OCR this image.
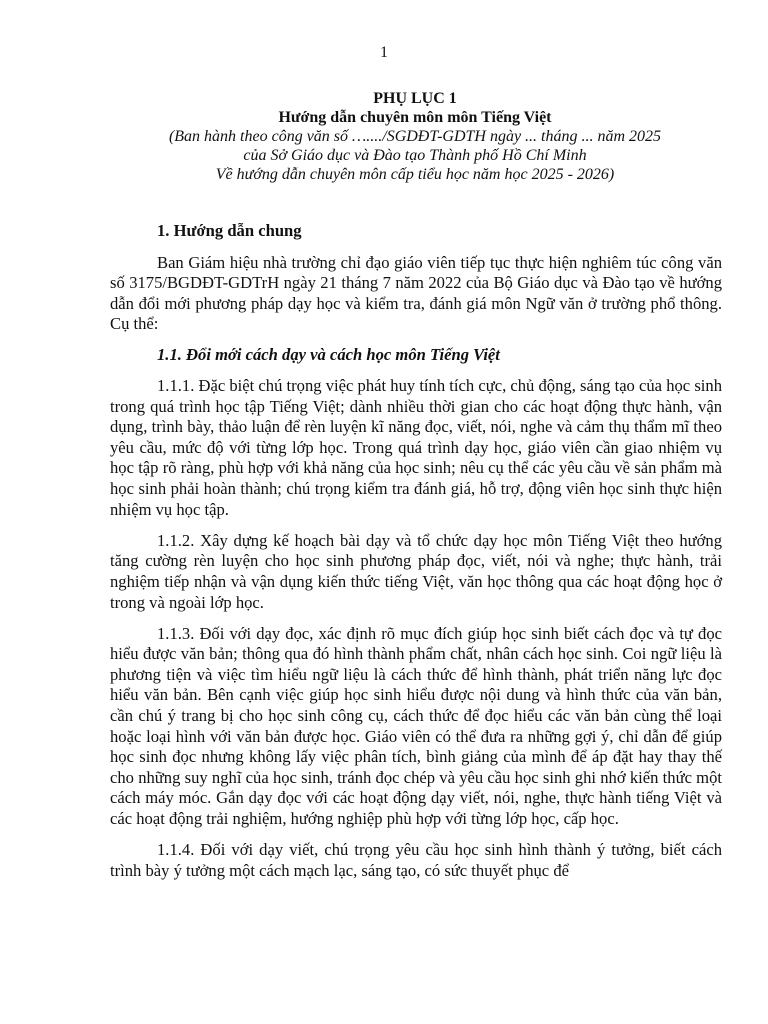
1
PHỤ LỤC 1
Hướng dẫn chuyên môn môn Tiếng Việt
(Ban hành theo công văn số …..../SGDĐT-GDTH ngày ... tháng ... năm 2025
của Sở Giáo dục và Đào tạo Thành phố Hồ Chí Minh
Về hướng dẫn chuyên môn cấp tiểu học năm học 2025 - 2026)
1. Hướng dẫn chung

Ban Giám hiệu nhà trường chỉ đạo giáo viên tiếp tục thực hiện nghiêm túc công văn số 3175/BGDĐT-GDTrH ngày 21 tháng 7 năm 2022 của Bộ Giáo dục và Đào tạo về hướng dẫn đổi mới phương pháp dạy học và kiểm tra, đánh giá môn Ngữ văn ở trường phổ thông. Cụ thể:

1.1. Đổi mới cách dạy và cách học môn Tiếng Việt

1.1.1. Đặc biệt chú trọng việc phát huy tính tích cực, chủ động, sáng tạo của học sinh trong quá trình học tập Tiếng Việt; dành nhiều thời gian cho các hoạt động thực hành, vận dụng, trình bày, thảo luận để rèn luyện kĩ năng đọc, viết, nói, nghe và cảm thụ thẩm mĩ theo yêu cầu, mức độ với từng lớp học. Trong quá trình dạy học, giáo viên cần giao nhiệm vụ học tập rõ ràng, phù hợp với khả năng của học sinh; nêu cụ thể các yêu cầu về sản phẩm mà học sinh phải hoàn thành; chú trọng kiểm tra đánh giá, hỗ trợ, động viên học sinh thực hiện nhiệm vụ học tập.

1.1.2. Xây dựng kế hoạch bài dạy và tổ chức dạy học môn Tiếng Việt theo hướng tăng cường rèn luyện cho học sinh phương pháp đọc, viết, nói và nghe; thực hành, trải nghiệm tiếp nhận và vận dụng kiến thức tiếng Việt, văn học thông qua các hoạt động học ở trong và ngoài lớp học.

1.1.3. Đối với dạy đọc, xác định rõ mục đích giúp học sinh biết cách đọc và tự đọc hiểu được văn bản; thông qua đó hình thành phẩm chất, nhân cách học sinh. Coi ngữ liệu là phương tiện và việc tìm hiểu ngữ liệu là cách thức để hình thành, phát triển năng lực đọc hiểu văn bản. Bên cạnh việc giúp học sinh hiểu được nội dung và hình thức của văn bản, cần chú ý trang bị cho học sinh công cụ, cách thức để đọc hiểu các văn bản cùng thể loại hoặc loại hình với văn bản được học. Giáo viên có thể đưa ra những gợi ý, chỉ dẫn để giúp học sinh đọc nhưng không lấy việc phân tích, bình giảng của mình để áp đặt hay thay thế cho những suy nghĩ của học sinh, tránh đọc chép và yêu cầu học sinh ghi nhớ kiến thức một cách máy móc. Gắn dạy đọc với các hoạt động dạy viết, nói, nghe, thực hành tiếng Việt và các hoạt động trải nghiệm, hướng nghiệp phù hợp với từng lớp học, cấp học.

1.1.4. Đối với dạy viết, chú trọng yêu cầu học sinh hình thành ý tưởng, biết cách trình bày ý tưởng một cách mạch lạc, sáng tạo, có sức thuyết phục để
